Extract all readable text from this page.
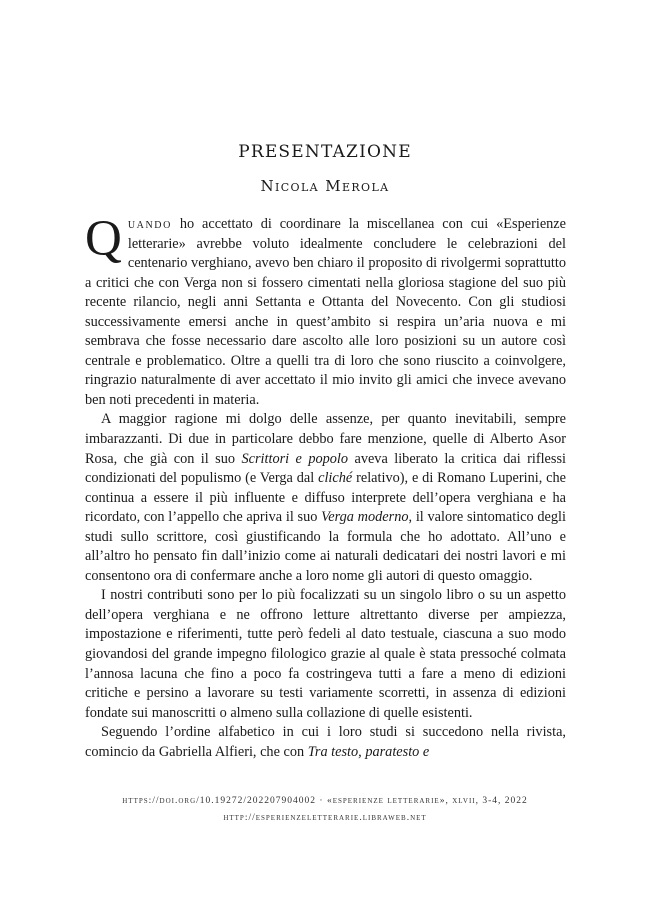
PRESENTAZIONE
Nicola Merola

Quando ho accettato di coordinare la miscellanea con cui «Esperienze letterarie» avrebbe voluto idealmente concludere le celebrazioni del centenario verghiano, avevo ben chiaro il proposito di rivolgermi soprattutto a critici che con Verga non si fossero cimentati nella gloriosa stagione del suo più recente rilancio, negli anni Settanta e Ottanta del Novecento. Con gli studiosi successivamente emersi anche in quest’ambito si respira un’aria nuova e mi sembrava che fosse necessario dare ascolto alle loro posizioni su un autore così centrale e problematico. Oltre a quelli tra di loro che sono riuscito a coinvolgere, ringrazio naturalmente di aver accettato il mio invito gli amici che invece avevano ben noti precedenti in materia.

A maggior ragione mi dolgo delle assenze, per quanto inevitabili, sempre imbarazzanti. Di due in particolare debbo fare menzione, quelle di Alberto Asor Rosa, che già con il suo Scrittori e popolo aveva liberato la critica dai riflessi condizionati del populismo (e Verga dal cliché relativo), e di Romano Luperini, che continua a essere il più influente e diffuso interprete dell’opera verghiana e ha ricordato, con l’appello che apriva il suo Verga moderno, il valore sintomatico degli studi sullo scrittore, così giustificando la formula che ho adottato. All’uno e all’altro ho pensato fin dall’inizio come ai naturali dedicatari dei nostri lavori e mi consentono ora di confermare anche a loro nome gli autori di questo omaggio.

I nostri contributi sono per lo più focalizzati su un singolo libro o su un aspetto dell’opera verghiana e ne offrono letture altrettanto diverse per ampiezza, impostazione e riferimenti, tutte però fedeli al dato testuale, ciascuna a suo modo giovandosi del grande impegno filologico grazie al quale è stata pressoché colmata l’annosa lacuna che fino a poco fa costringeva tutti a fare a meno di edizioni critiche e persino a lavorare su testi variamente scorretti, in assenza di edizioni fondate sui manoscritti o almeno sulla collazione di quelle esistenti.

Seguendo l’ordine alfabetico in cui i loro studi si succedono nella rivista, comincio da Gabriella Alfieri, che con Tra testo, paratesto e

https://doi.org/10.19272/202207904002 · «esperienze letterarie», xlvii, 3-4, 2022
http://esperienzeletterarie.libraweb.net
